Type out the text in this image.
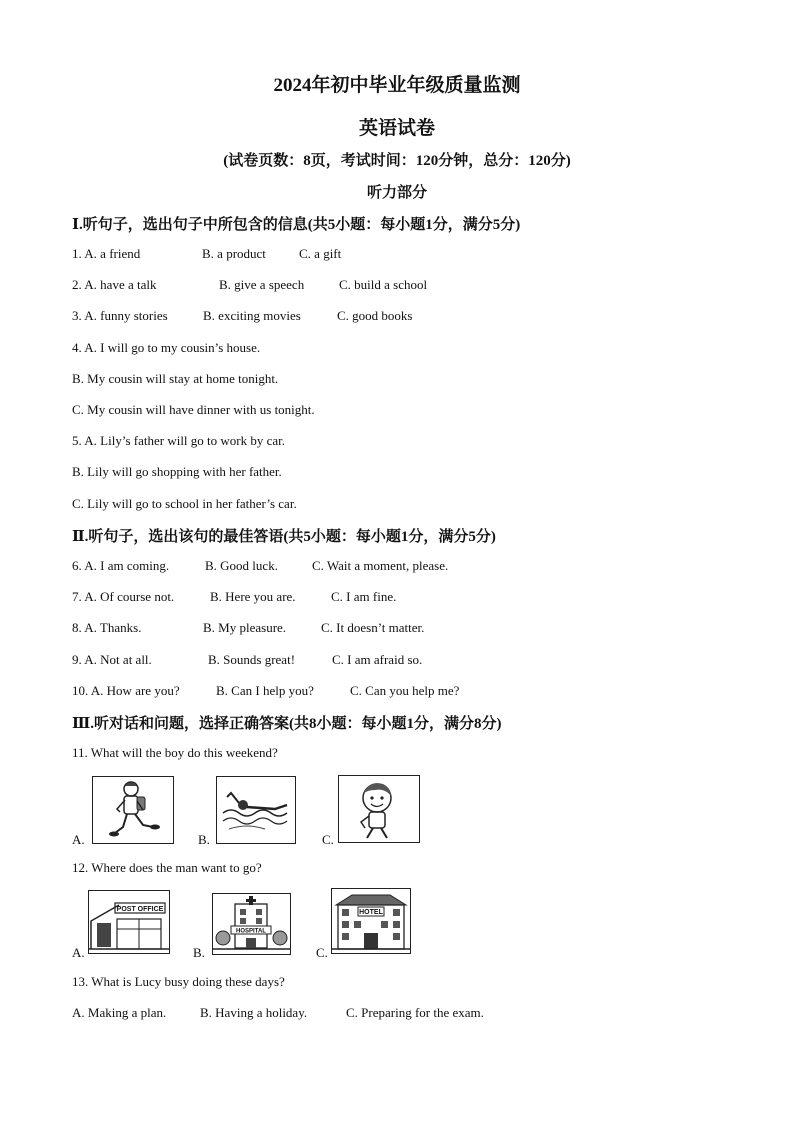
2024年初中毕业年级质量监测
英语试卷
(试卷页数：8页，考试时间：120分钟，总分：120分)
听力部分
Ⅰ.听句子，选出句子中所包含的信息(共5小题：每小题1分，满分5分)
1. A. a friend	B. a product	C. a gift
2. A. have a talk	B. give a speech	C. build a school
3. A. funny stories	B. exciting movies	C. good books
4. A. I will go to my cousin’s house.
B. My cousin will stay at home tonight.
C. My cousin will have dinner with us tonight.
5. A. Lily’s father will go to work by car.
B. Lily will go shopping with her father.
C. Lily will go to school in her father’s car.
Ⅱ.听句子，选出该句的最佳答语(共5小题：每小题1分，满分5分)
6. A. I am coming.	B. Good luck.	C. Wait a moment, please.
7. A. Of course not.	B. Here you are.	C. I am fine.
8. A. Thanks.	B. My pleasure.	C. It doesn’t matter.
9. A. Not at all.	B. Sounds great!	C. I am afraid so.
10. A. How are you?	B. Can I help you?	C. Can you help me?
Ⅲ.听对话和问题，选择正确答案(共8小题：每小题1分，满分8分)
11. What will the boy do this weekend?
A.	B.	C.
12. Where does the man want to go?
A.
POST OFFICE
B.
HOSPITAL
C.
HOTEL
13. What is Lucy busy doing these days?
A. Making a plan.	B. Having a holiday.	C. Preparing for the exam.
